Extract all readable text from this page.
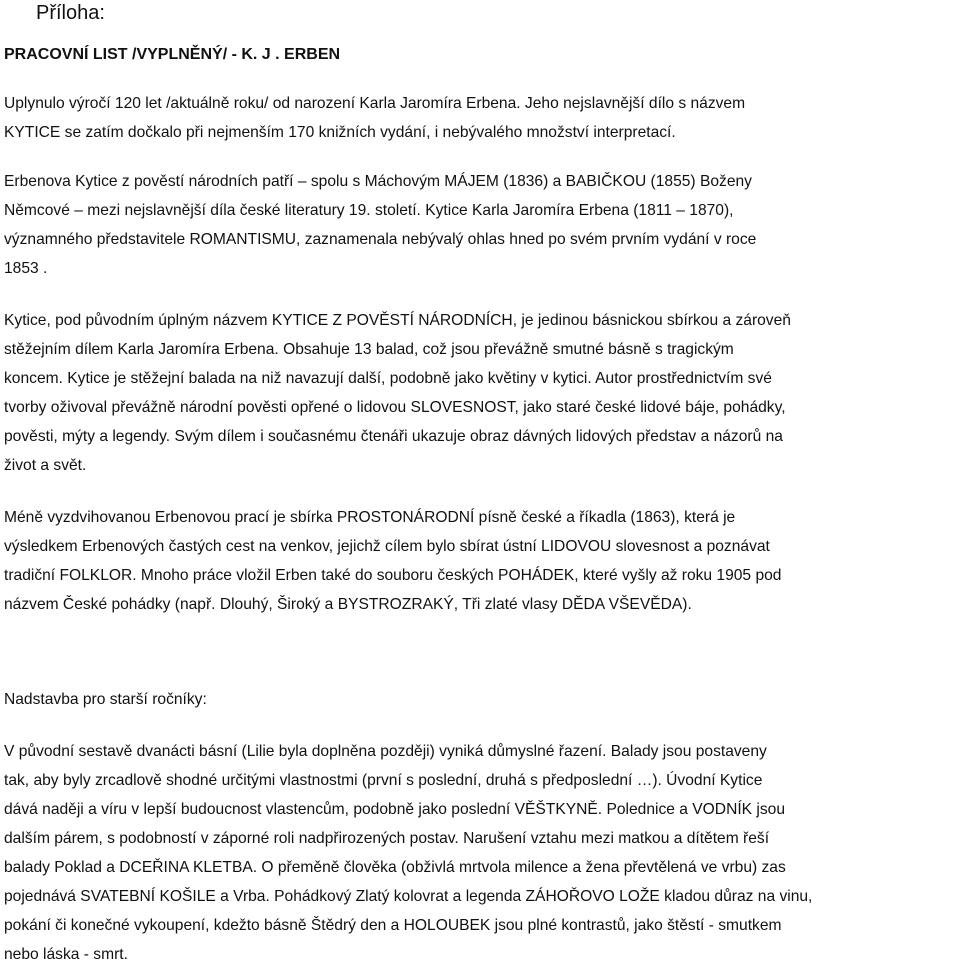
Příloha:
PRACOVNÍ LIST /VYPLNĚNÝ/ - K. J . ERBEN
Uplynulo výročí 120 let /aktuálně roku/ od narození Karla Jaromíra Erbena. Jeho nejslavnější dílo s názvem
KYTICE se zatím dočkalo při nejmenším 170 knižních vydání, i nebývalého množství interpretací.
Erbenova Kytice z pověstí národních patří – spolu s Máchovým MÁJEM (1836) a BABIČKOU (1855) Boženy
Němcové – mezi nejslavnější díla české literatury 19. století. Kytice Karla Jaromíra Erbena (1811 – 1870),
významného představitele ROMANTISMU, zaznamenala nebývalý ohlas hned po svém prvním vydání v roce
1853 .
Kytice, pod původním úplným názvem KYTICE Z POVĚSTÍ NÁRODNÍCH, je jedinou básnickou sbírkou a zároveň
stěžejním dílem Karla Jaromíra Erbena. Obsahuje 13 balad, což jsou převážně smutné básně s tragickým
koncem. Kytice je stěžejní balada na niž navazují další, podobně jako květiny v kytici. Autor prostřednictvím své
tvorby oživoval převážně národní pověsti opřené o lidovou SLOVESNOST, jako staré české lidové báje, pohádky,
pověsti, mýty a legendy. Svým dílem i současnému čtenáři ukazuje obraz dávných lidových představ a názorů na
život a svět.
Méně vyzdvihovanou Erbenovou prací je sbírka PROSTONÁRODNÍ písně české a říkadla (1863), která je
výsledkem Erbenových častých cest na venkov, jejichž cílem bylo sbírat ústní LIDOVOU slovesnost a poznávat
tradiční FOLKLOR. Mnoho práce vložil Erben také do souboru českých POHÁDEK, které vyšly až roku 1905 pod
názvem České pohádky (např. Dlouhý, Široký a BYSTROZRAKÝ, Tři zlaté vlasy DĚDA VŠEVĚDA).
Nadstavba pro starší ročníky:
V původní sestavě dvanácti básní (Lilie byla doplněna později) vyniká důmyslné řazení. Balady jsou postaveny
tak, aby byly zrcadlově shodné určitými vlastnostmi (první s poslední, druhá s předposlední …). Úvodní Kytice
dává naději a víru v lepší budoucnost vlastencům, podobně jako poslední VĚŠTKYNĚ. Polednice a VODNÍK jsou
dalším párem, s podobností v záporné roli nadpřirozených postav. Narušení vztahu mezi matkou a dítětem řeší
balady Poklad a DCEŘINA KLETBA. O přeměně člověka (obživlá mrtvola milence a žena převtělená ve vrbu) zas
pojednává SVATEBNÍ KOŠILE a Vrba. Pohádkový Zlatý kolovrat a legenda ZÁHOŘOVO LOŽE kladou důraz na vinu,
pokání či konečné vykoupení, kdežto básně Štědrý den a HOLOUBEK jsou plné kontrastů, jako štěstí - smutkem
nebo láska - smrt.
